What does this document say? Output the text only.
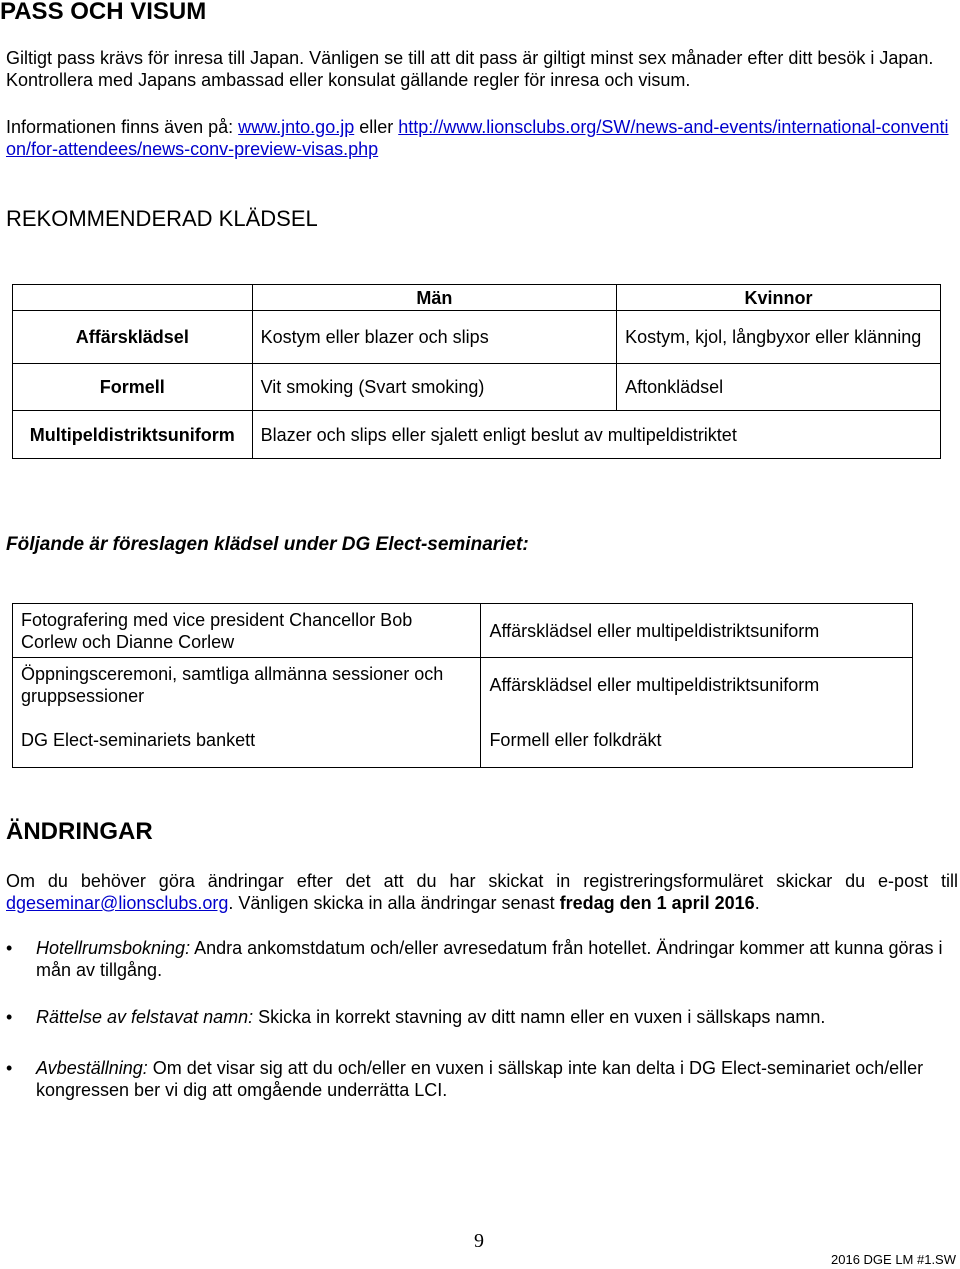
PASS OCH VISUM

Giltigt pass krävs för inresa till Japan. Vänligen se till att dit pass är giltigt minst sex månader efter ditt besök i Japan. Kontrollera med Japans ambassad eller konsulat gällande regler för inresa och visum.

Informationen finns även på: www.jnto.go.jp eller http://www.lionsclubs.org/SW/news-and-events/international-convention/for-attendees/news-conv-preview-visas.php

REKOMMENDERAD KLÄDSEL
	Män	Kvinnor
Affärsklädsel	Kostym eller blazer och slips	Kostym, kjol, långbyxor eller klänning
Formell	Vit smoking (Svart smoking)	Aftonklädsel
Multipeldistriktsuniform	Blazer och slips eller sjalett enligt beslut av multipeldistriktet	
Följande är föreslagen klädsel under DG Elect-seminariet:
Fotografering med vice president Chancellor Bob Corlew och Dianne Corlew	Affärsklädsel eller multipeldistriktsuniform
Öppningsceremoni, samtliga allmänna sessioner och gruppsessioner	Affärsklädsel eller multipeldistriktsuniform
DG Elect-seminariets bankett	Formell eller folkdräkt
ÄNDRINGAR

Om du behöver göra ändringar efter det att du har skickat in registreringsformuläret skickar du e-post till

dgeseminar@lionsclubs.org. Vänligen skicka in alla ändringar senast fredag den 1 april 2016.

• Hotellrumsbokning: Andra ankomstdatum och/eller avresedatum från hotellet. Ändringar kommer att kunna göras i mån av tillgång.
• Rättelse av felstavat namn: Skicka in korrekt stavning av ditt namn eller en vuxen i sällskaps namn.
• Avbeställning: Om det visar sig att du och/eller en vuxen i sällskap inte kan delta i DG Elect-seminariet och/eller kongressen ber vi dig att omgående underrätta LCI.
9
2016 DGE LM #1.SW
